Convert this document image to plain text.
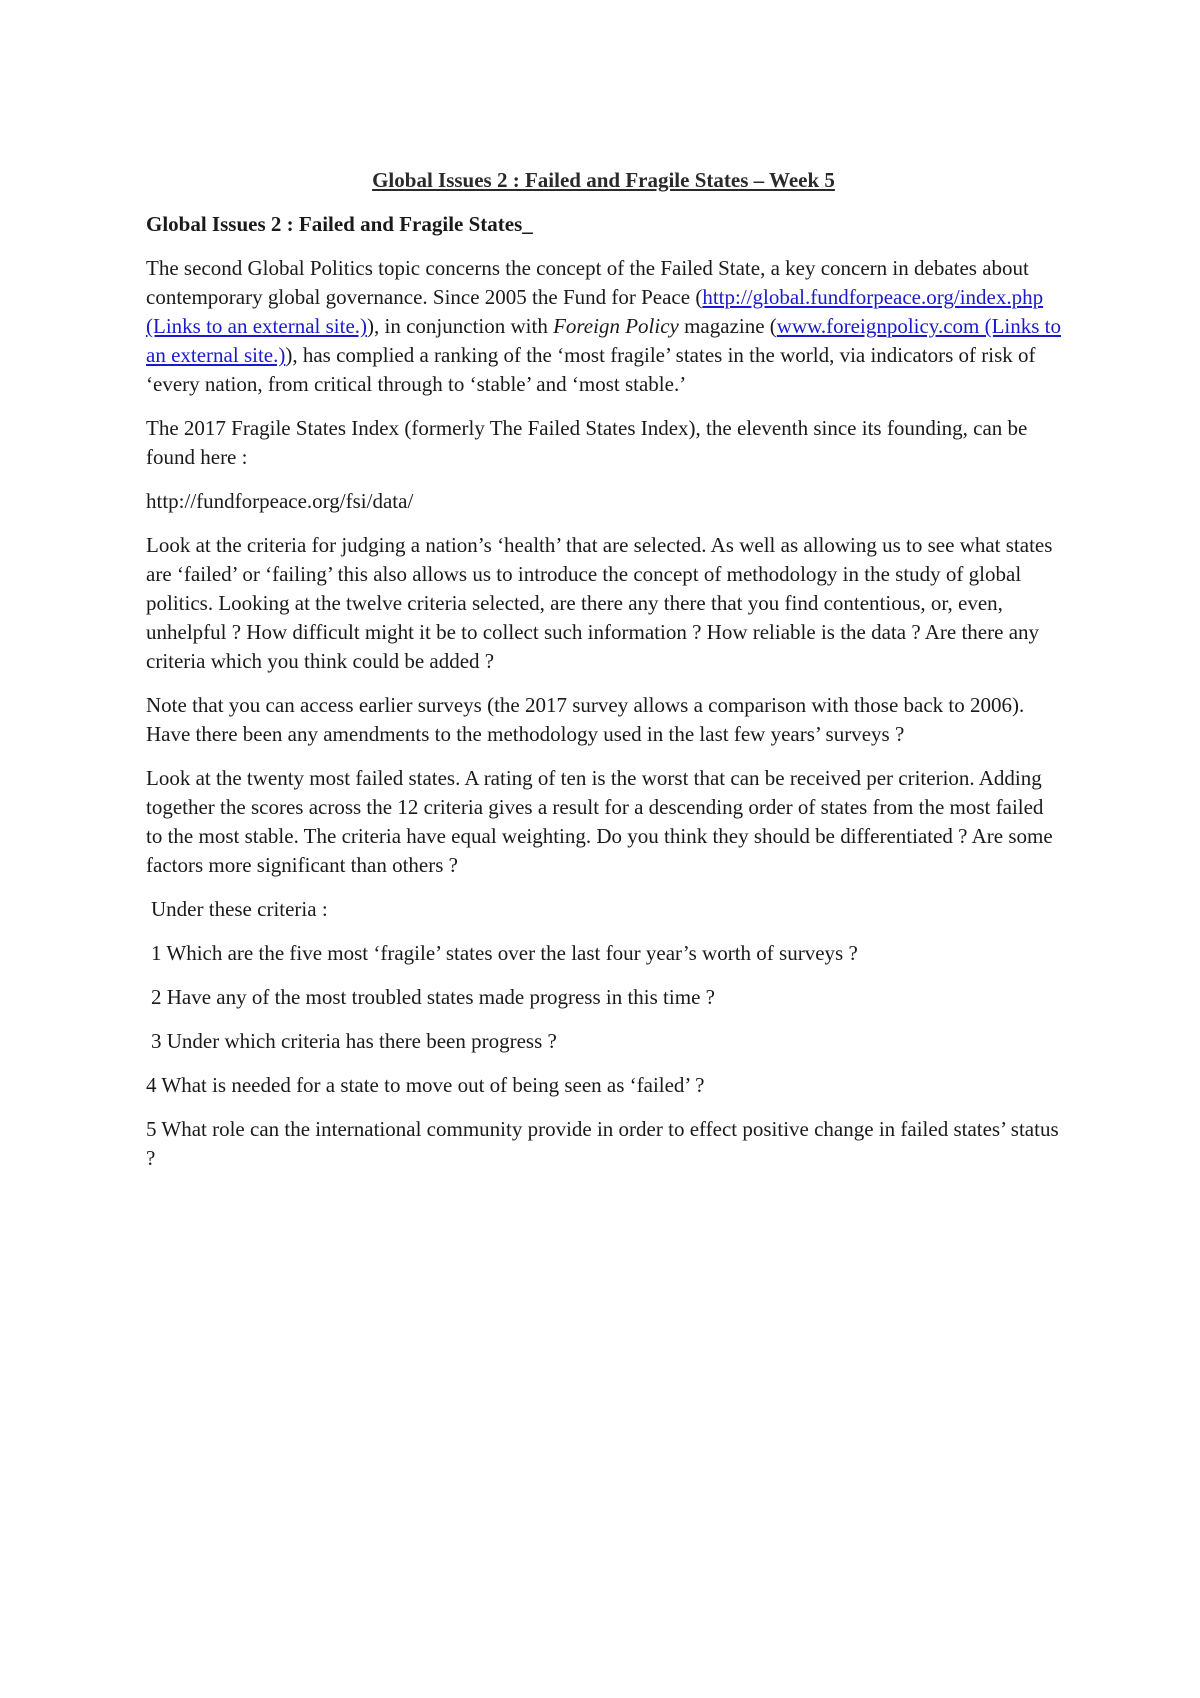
Global Issues 2 : Failed and Fragile States – Week 5
Global Issues 2 : Failed and Fragile States_

The second Global Politics topic concerns the concept of the Failed State, a key concern in debates about contemporary global governance. Since 2005 the Fund for Peace (http://global.fundforpeace.org/index.php (Links to an external site.)), in conjunction with Foreign Policy magazine (www.foreignpolicy.com (Links to an external site.)), has complied a ranking of the ‘most fragile’ states in the world, via indicators of risk of ‘every nation, from critical through to ‘stable’ and ‘most stable.’

The 2017 Fragile States Index (formerly The Failed States Index), the eleventh since its founding, can be found here :

http://fundforpeace.org/fsi/data/

Look at the criteria for judging a nation’s ‘health’ that are selected. As well as allowing us to see what states are ‘failed’ or ‘failing’ this also allows us to introduce the concept of methodology in the study of global politics. Looking at the twelve criteria selected, are there any there that you find contentious, or, even, unhelpful ? How difficult might it be to collect such information ? How reliable is the data ? Are there any criteria which you think could be added ?

Note that you can access earlier surveys (the 2017 survey allows a comparison with those back to 2006). Have there been any amendments to the methodology used in the last few years’ surveys ?

Look at the twenty most failed states. A rating of ten is the worst that can be received per criterion. Adding together the scores across the 12 criteria gives a result for a descending order of states from the most failed to the most stable. The criteria have equal weighting. Do you think they should be differentiated ? Are some factors more significant than others ?

Under these criteria :

1 Which are the five most ‘fragile’ states over the last four year’s worth of surveys ?

2 Have any of the most troubled states made progress in this time ?

3 Under which criteria has there been progress ?

4 What is needed for a state to move out of being seen as ‘failed’ ?

5 What role can the international community provide in order to effect positive change in failed states’ status ?
